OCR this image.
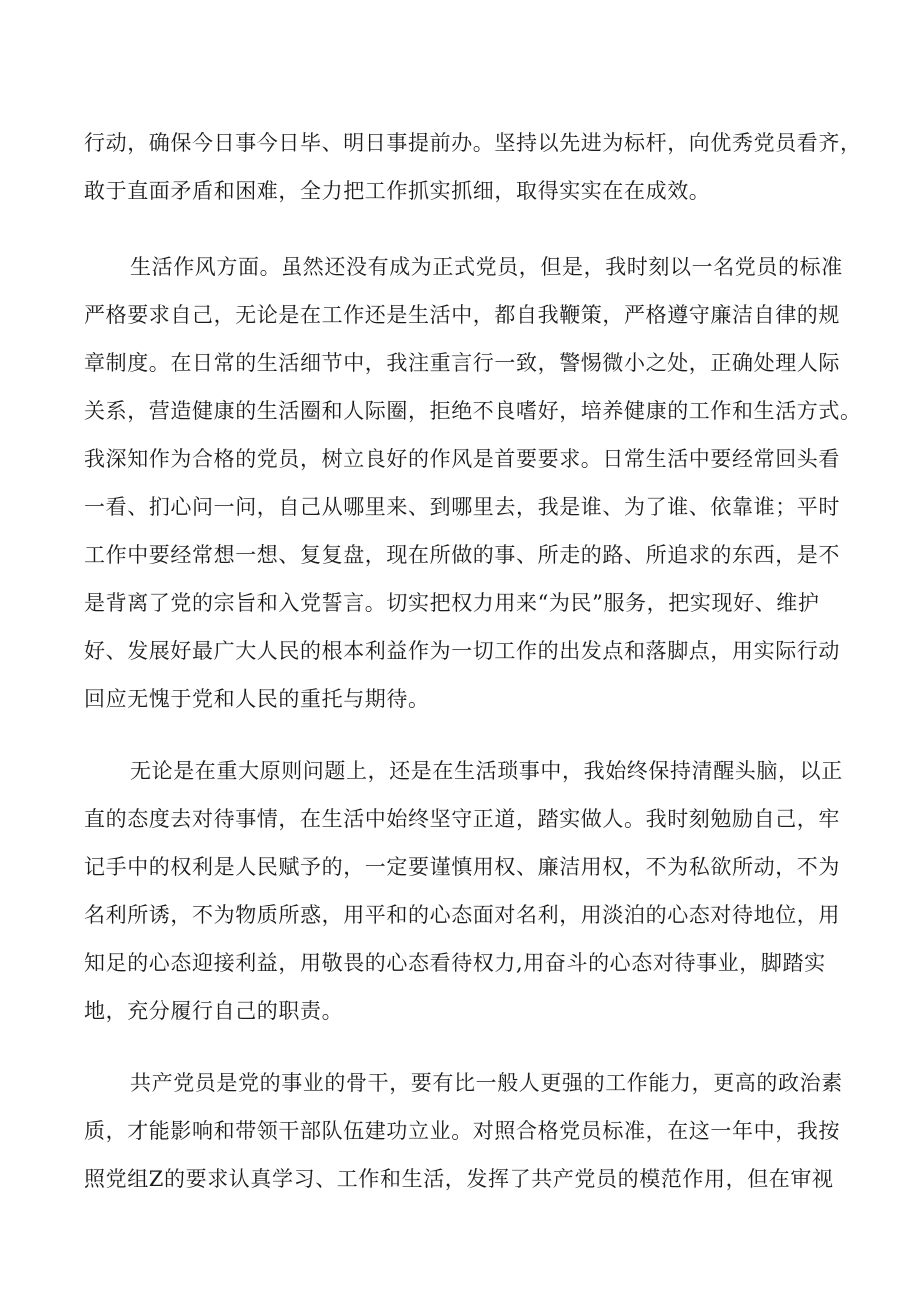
行动，确保今日事今日毕、明日事提前办。坚持以先进为标杆，向优秀党员看齐，
敢于直面矛盾和困难，全力把工作抓实抓细，取得实实在在成效。
生活作风方面。虽然还没有成为正式党员，但是，我时刻以一名党员的标准
严格要求自己，无论是在工作还是生活中，都自我鞭策，严格遵守廉洁自律的规
章制度。在日常的生活细节中，我注重言行一致，警惕微小之处，正确处理人际
关系，营造健康的生活圈和人际圈，拒绝不良嗜好，培养健康的工作和生活方式。
我深知作为合格的党员，树立良好的作风是首要要求。日常生活中要经常回头看
一看、扪心问一问，自己从哪里来、到哪里去，我是谁、为了谁、依靠谁；平时
工作中要经常想一想、复复盘，现在所做的事、所走的路、所追求的东西，是不
是背离了党的宗旨和入党誓言。切实把权力用来“为民”服务，把实现好、维护
好、发展好最广大人民的根本利益作为一切工作的出发点和落脚点，用实际行动
回应无愧于党和人民的重托与期待。
无论是在重大原则问题上，还是在生活琐事中，我始终保持清醒头脑，以正
直的态度去对待事情，在生活中始终坚守正道，踏实做人。我时刻勉励自己，牢
记手中的权利是人民赋予的，一定要谨慎用权、廉洁用权，不为私欲所动，不为
名利所诱，不为物质所惑，用平和的心态面对名利，用淡泊的心态对待地位，用
知足的心态迎接利益，用敬畏的心态看待权力,用奋斗的心态对待事业，脚踏实
地，充分履行自己的职责。
共产党员是党的事业的骨干，要有比一般人更强的工作能力，更高的政治素
质，才能影响和带领干部队伍建功立业。对照合格党员标准，在这一年中，我按
照党组Z的要求认真学习、工作和生活，发挥了共产党员的模范作用，但在审视
